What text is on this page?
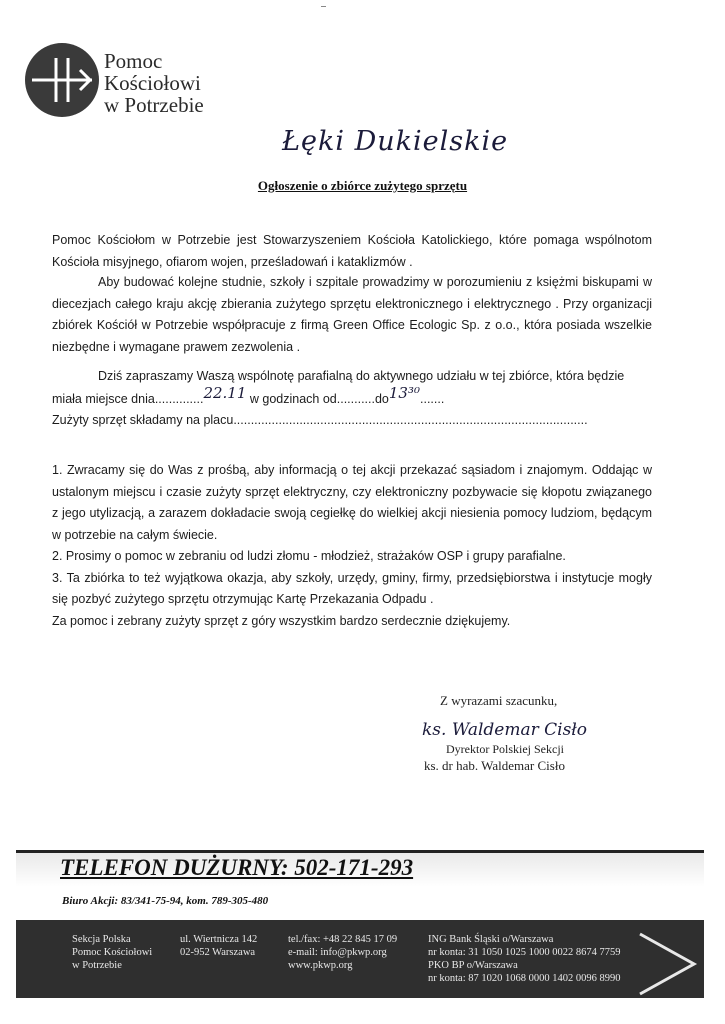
Pomoc
Kościołowi
w Potrzebie
Łęki Dukielskie
Ogłoszenie o zbiórce zużytego sprzętu
Pomoc Kościołom w Potrzebie jest Stowarzyszeniem Kościoła Katolickiego, które pomaga wspólnotom Kościoła misyjnego, ofiarom wojen, prześladowań i kataklizmów .
Aby budować kolejne studnie, szkoły i szpitale prowadzimy w porozumieniu z księżmi biskupami w diecezjach całego kraju akcję zbierania zużytego sprzętu elektronicznego i elektrycznego . Przy organizacji zbiórek Kościół w Potrzebie współpracuje z firmą Green Office Ecologic Sp. z o.o., która posiada wszelkie niezbędne i wymagane prawem zezwolenia .
Dziś zapraszamy Waszą wspólnotę parafialną do aktywnego udziału w tej zbiórce, która będzie
miała miejsce dnia..............22.11 w godzinach od...........do13³⁰.......
Zużyty sprzęt składamy na placu......................................................................................................

1. Zwracamy się do Was z prośbą, aby informacją o tej akcji przekazać sąsiadom i znajomym. Oddając w ustalonym miejscu i czasie zużyty sprzęt elektryczny, czy elektroniczny pozbywacie się kłopotu związanego z jego utylizacją, a zarazem dokładacie swoją cegiełkę do wielkiej akcji niesienia pomocy ludziom, będącym w potrzebie na całym świecie.

2. Prosimy o pomoc w zebraniu od ludzi złomu - młodzież, strażaków OSP i grupy parafialne.

3. Ta zbiórka to też wyjątkowa okazja, aby szkoły, urzędy, gminy, firmy, przedsiębiorstwa i instytucje mogły się pozbyć zużytego sprzętu otrzymując Kartę Przekazania Odpadu .

Za pomoc i zebrany zużyty sprzęt z góry wszystkim bardzo serdecznie dziękujemy.

Z wyrazami szacunku,
ks. Waldemar Cisło
Dyrektor Polskiej Sekcji
ks. dr hab. Waldemar Cisło
TELEFON DUŻURNY: 502-171-293
Biuro Akcji: 83/341-75-94, kom. 789-305-480
Sekcja Polska
Pomoc Kościołowi
w Potrzebie
ul. Wiertnicza 142
02-952 Warszawa
tel./fax: +48 22 845 17 09
e-mail: info@pkwp.org
www.pkwp.org
ING Bank Śląski o/Warszawa
nr konta: 31 1050 1025 1000 0022 8674 7759
PKO BP o/Warszawa
nr konta: 87 1020 1068 0000 1402 0096 8990
